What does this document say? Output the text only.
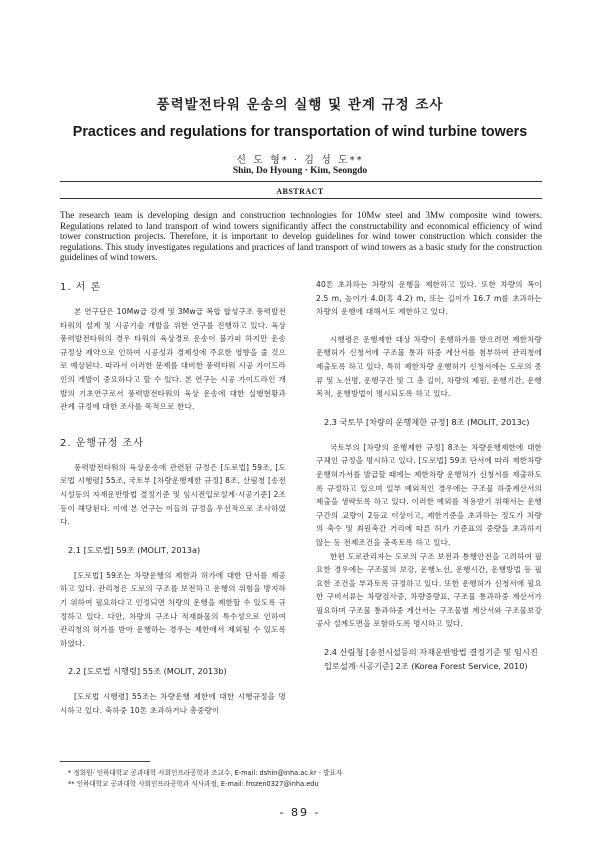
풍력발전타워 운송의 실행 및 관계 규정 조사
Practices and regulations for transportation of wind turbine towers
신 도 형* · 김 성 도**
Shin, Do Hyoung · Kim, Seongdo
ABSTRACT
The research team is developing design and construction technologies for 10Mw steel and 3Mw composite wind towers. Regulations related to land transport of wind towers significantly affect the constructability and economical efficiency of wind tower construction projects. Therefore, it is important to develop guidelines for wind tower construction which consider the regulations. This study investigates regulations and practices of land transport of wind towers as a basic study for the construction guidelines of wind towers.
1. 서 론

본 연구단은 10Mw급 강재 및 3Mw급 복합 합성구조 풍력발전타워의 설계 및 시공기술 개발을 위한 연구를 진행하고 있다. 육상 풍력발전타워의 경우 타워의 육상경로 운송이 불가피 하지만 운송규정상 제약으로 인하여 시공성과 경제성에 주요한 영향을 줄 것으로 예상된다. 따라서 이러한 문제를 대비한 풍력타워 시공 가이드라인의 개발이 중요하다고 할 수 있다. 본 연구는 시공 가이드라인 개발의 기초연구로서 풍력발전타워의 육상 운송에 대한 실행현황과 관계 규정에 대한 조사를 목적으로 한다.

2. 운행규정 조사

풍력발전타워의 육상운송에 관련된 규정은 [도로법] 59조, [도로법 시행령] 55조, 국토부 [차량운행제한 규정] 8조, 산림청 [송전시설등의 자재운반방법 결정기준 및 임시전입로설계·시공기준] 2조 등이 해당된다. 이에 본 연구는 이들의 규정을 우선적으로 조사하였다.

2.1 [도로법] 59조 (MOLIT, 2013a)

[도로법] 59조는 차량운행의 제한과 허가에 대한 단서를 제공하고 있다. 관리청은 도로의 구조를 보전하고 운행의 위험을 방지하기 위하여 필요하다고 인정되면 차량의 운행을 제한할 수 있도록 규정하고 있다. 다만, 차량의 구조나 적재화물의 특수성으로 인하여 관리청의 허가를 받아 운행하는 경우는 제한에서 제외될 수 있도록 하였다.

2.2 [도로법 시행령] 55조 (MOLIT, 2013b)

[도로법 시행령] 55조는 차량운행 제한에 대한 시행규정을 명시하고 있다. 축하중 10톤 초과하거나 총중량이

40톤 초과하는 차량의 운행을 제한하고 있다. 또한 차량의 폭이 2.5 m, 높이가 4.0(혹 4.2) m, 또는 길이가 16.7 m를 초과하는 차량의 운행에 대해서도 제한하고 있다.

시행령은 운행제한 대상 차량이 운행하가를 받으려면 제한차량 운행허가 신청서에 구조물 통과 하중 계산서를 첨부하여 관리청에 제출토록 하고 있다. 특히 제한차량 운행허가 신청서에는 도로의 종류 및 노선명, 운행구간 및 그 총 길이, 차량의 제원, 운행기간, 운행목적, 운행방법이 명시되도록 하고 있다.

2.3 국토부 [차량의 운행제한 규정] 8조 (MOLIT, 2013c)

국토부의 [차량의 운행제한 규정] 8조는 차량운행제한에 대한 구체인 규정을 명시하고 있다. [도로법] 59조 단서에 따라 제한차량 운행허가서를 발급할 때에는 제한차량 운행허가 신청서를 제출하도록 규정하고 있으며 일부 예외적인 경우에는 구조물 하중계산서의 제출을 생략토록 하고 있다. 이러한 예외를 적용받기 위해서는 운행구간의 교량이 2등교 이상이고, 제한기준을 초과하는 정도가 차량의 축수 및 최원축간 거리에 따른 허가 기준표의 중량을 초과하지 않는 등 전제조건을 충족토록 하고 있다.

한편 도로관리자는 도로의 구조 보전과 통행안전을 고려하여 필요한 경우에는 구조물의 보강, 운행노선, 운행시간, 운행방법 등 필요한 조건을 부과토록 규정하고 있다. 또한 운행허가 신청서에 필요한 구비서류는 차량검사증, 차량중량표, 구조물 통과하중 계산서가 필요하며 구조물 통과하중 계산서는 구조물별 계산서와 구조물보강공사 설계도면을 포함하도록 명시하고 있다.

2.4 산림청 [송전시설등의 자재운반방법 결정기준 및 임시진입로설계·시공기준] 2조 (Korea Forest Service, 2010)
* 정회원· 인하대학교 공과대학 사회인프라공학과 조교수, E-mail: dshin@inha.ac.kr - 발표자
** 인하대학교 공과대학 사회인프라공학과 석사과정, E-mail: frozen0327@inha.edu
- 89 -
